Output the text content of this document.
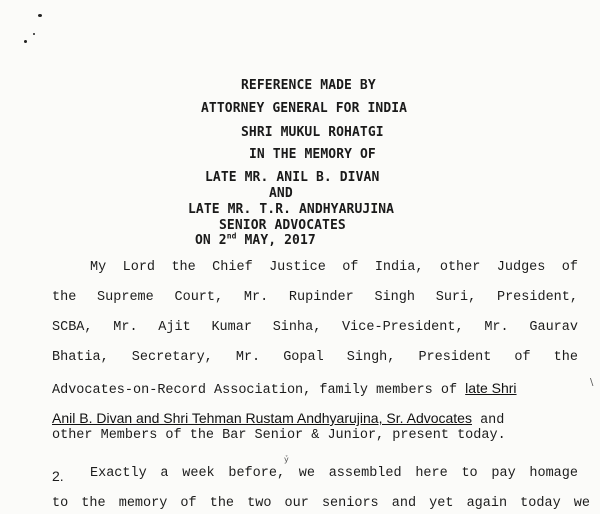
REFERENCE MADE BY
ATTORNEY GENERAL FOR INDIA
SHRI MUKUL ROHATGI
IN THE MEMORY OF
LATE MR. ANIL B. DIVAN
AND
LATE MR. T.R. ANDHYARUJINA
SENIOR ADVOCATES
ON 2nd MAY, 2017
My Lord the Chief Justice of India, other Judges of
the Supreme Court, Mr. Rupinder Singh Suri, President,
SCBA, Mr. Ajit Kumar Sinha, Vice-President, Mr. Gaurav
Bhatia, Secretary, Mr. Gopal Singh, President of the
Advocates-on-Record Association, family members of late Shri
Anil B. Divan and Shri Tehman Rustam Andhyarujina, Sr. Advocates and
other Members of the Bar Senior & Junior, present today.
\
ỷ
2. Exactly a week before, we assembled here to pay homage
to the memory of the two our seniors and yet again today we
